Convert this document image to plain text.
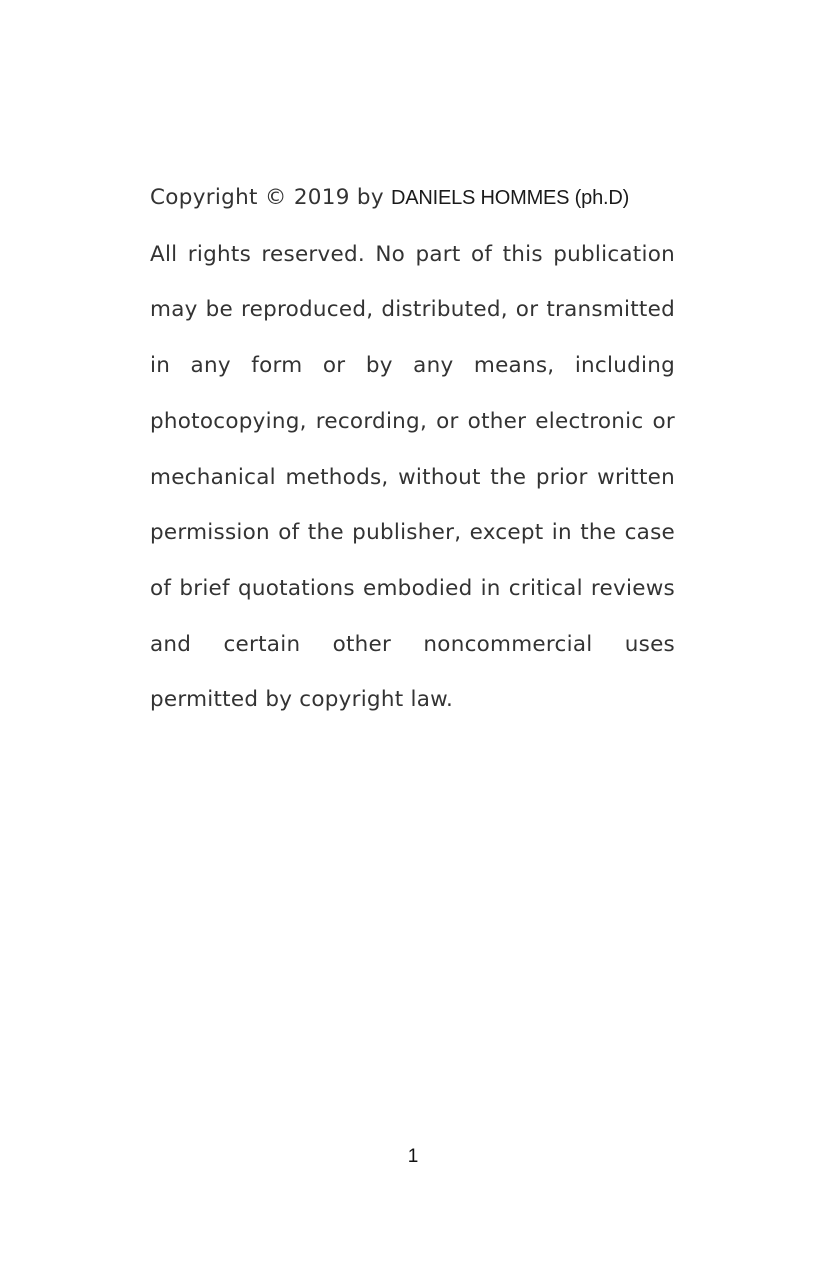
Copyright © 2019 by DANIELS HOMMES (ph.D)

All rights reserved. No part of this publication may be reproduced, distributed, or transmitted in any form or by any means, including photocopying, recording, or other electronic or mechanical methods, without the prior written permission of the publisher, except in the case of brief quotations embodied in critical reviews and certain other noncommercial uses permitted by copyright law.

1
